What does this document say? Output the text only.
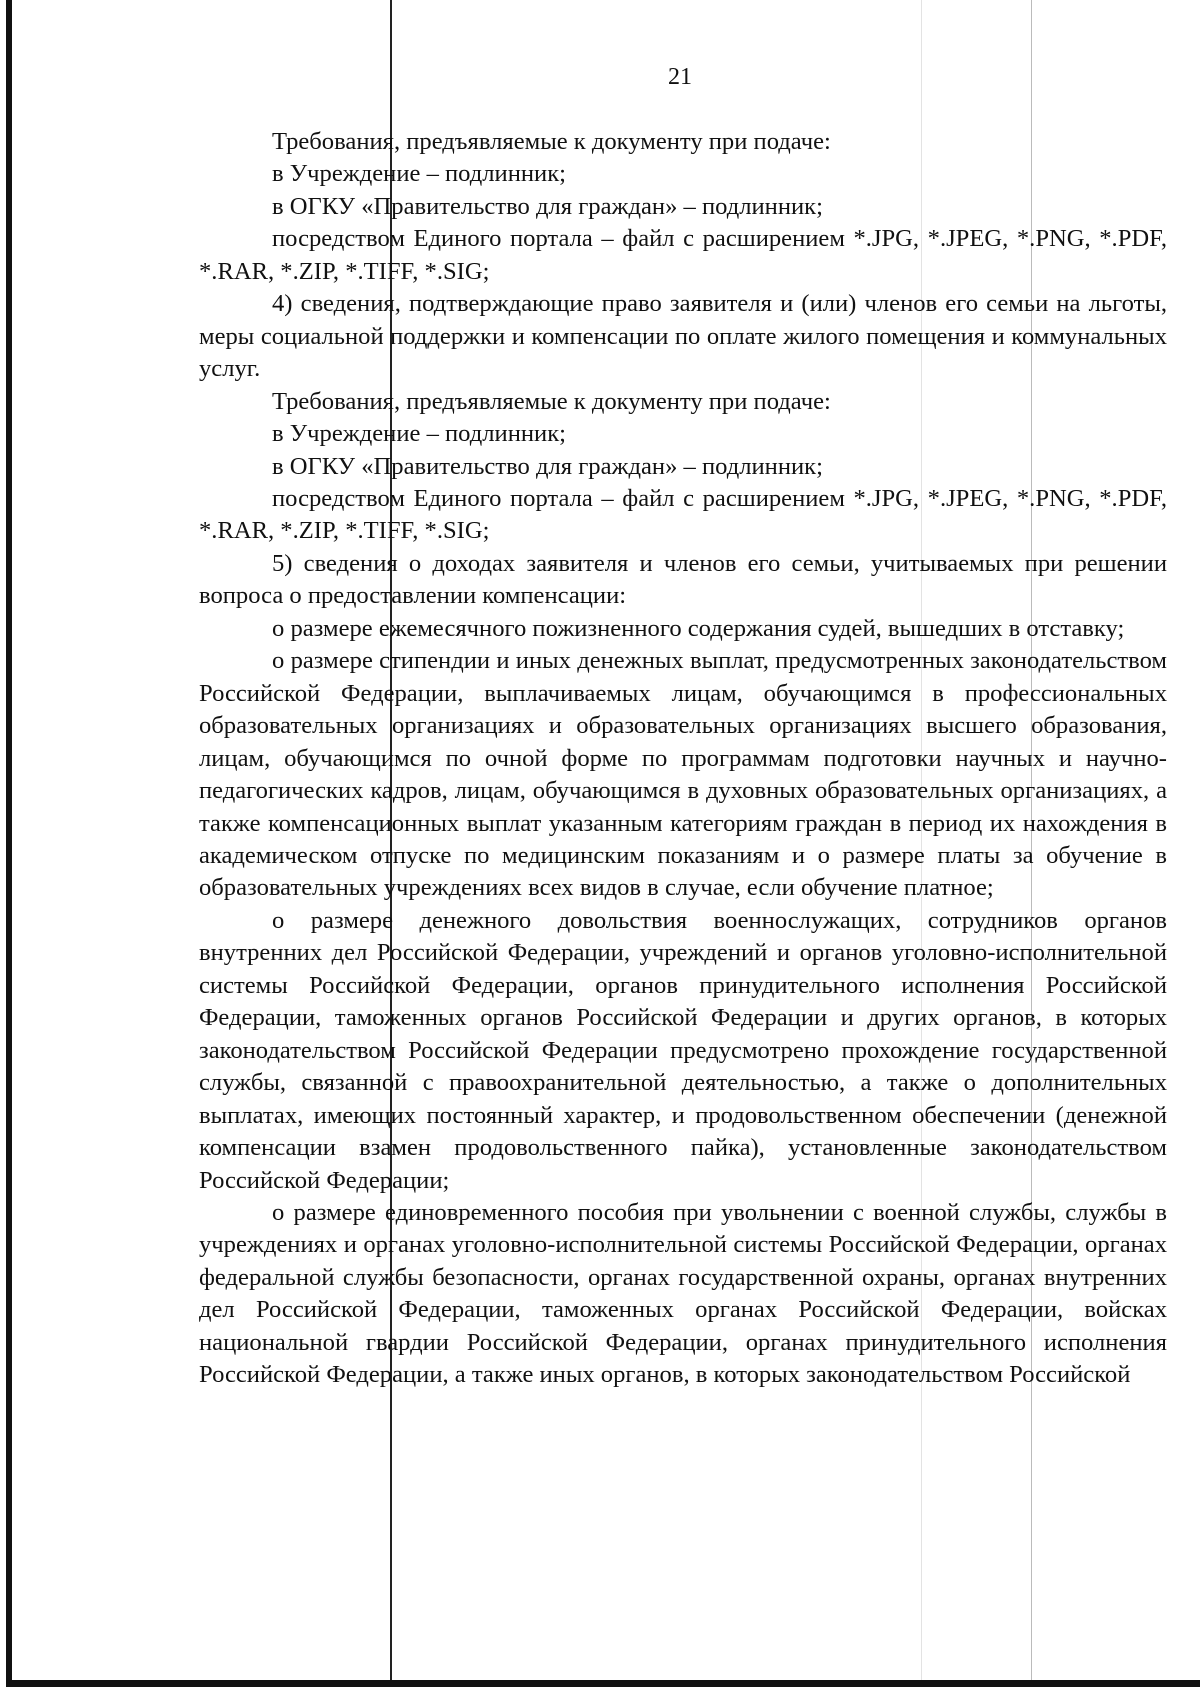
21

Требования, предъявляемые к документу при подаче:

в Учреждение – подлинник;

в ОГКУ «Правительство для граждан» – подлинник;

посредством Единого портала – файл с расширением *.JPG, *.JPEG, *.PNG, *.PDF, *.RAR, *.ZIP, *.TIFF, *.SIG;

4) сведения, подтверждающие право заявителя и (или) членов его семьи на льготы, меры социальной поддержки и компенсации по оплате жилого помещения и коммунальных услуг.

Требования, предъявляемые к документу при подаче:

в Учреждение – подлинник;

в ОГКУ «Правительство для граждан» – подлинник;

посредством Единого портала – файл с расширением *.JPG, *.JPEG, *.PNG, *.PDF, *.RAR, *.ZIP, *.TIFF, *.SIG;

5) сведения о доходах заявителя и членов его семьи, учитываемых при решении вопроса о предоставлении компенсации:

о размере ежемесячного пожизненного содержания судей, вышедших в отставку;

о размере стипендии и иных денежных выплат, предусмотренных законодательством Российской Федерации, выплачиваемых лицам, обучающимся в профессиональных образовательных организациях и образовательных организациях высшего образования, лицам, обучающимся по очной форме по программам подготовки научных и научно-педагогических кадров, лицам, обучающимся в духовных образовательных организациях, а также компенсационных выплат указанным категориям граждан в период их нахождения в академическом отпуске по медицинским показаниям и о размере платы за обучение в образовательных учреждениях всех видов в случае, если обучение платное;

о размере денежного довольствия военнослужащих, сотрудников органов внутренних дел Российской Федерации, учреждений и органов уголовно-исполнительной системы Российской Федерации, органов принудительного исполнения Российской Федерации, таможенных органов Российской Федерации и других органов, в которых законодательством Российской Федерации предусмотрено прохождение государственной службы, связанной с правоохранительной деятельностью, а также о дополнительных выплатах, имеющих постоянный характер, и продовольственном обеспечении (денежной компенсации взамен продовольственного пайка), установленные законодательством Российской Федерации;

о размере единовременного пособия при увольнении с военной службы, службы в учреждениях и органах уголовно-исполнительной системы Российской Федерации, органах федеральной службы безопасности, органах государственной охраны, органах внутренних дел Российской Федерации, таможенных органах Российской Федерации, войсках национальной гвардии Российской Федерации, органах принудительного исполнения Российской Федерации, а также иных органов, в которых законодательством Российской
